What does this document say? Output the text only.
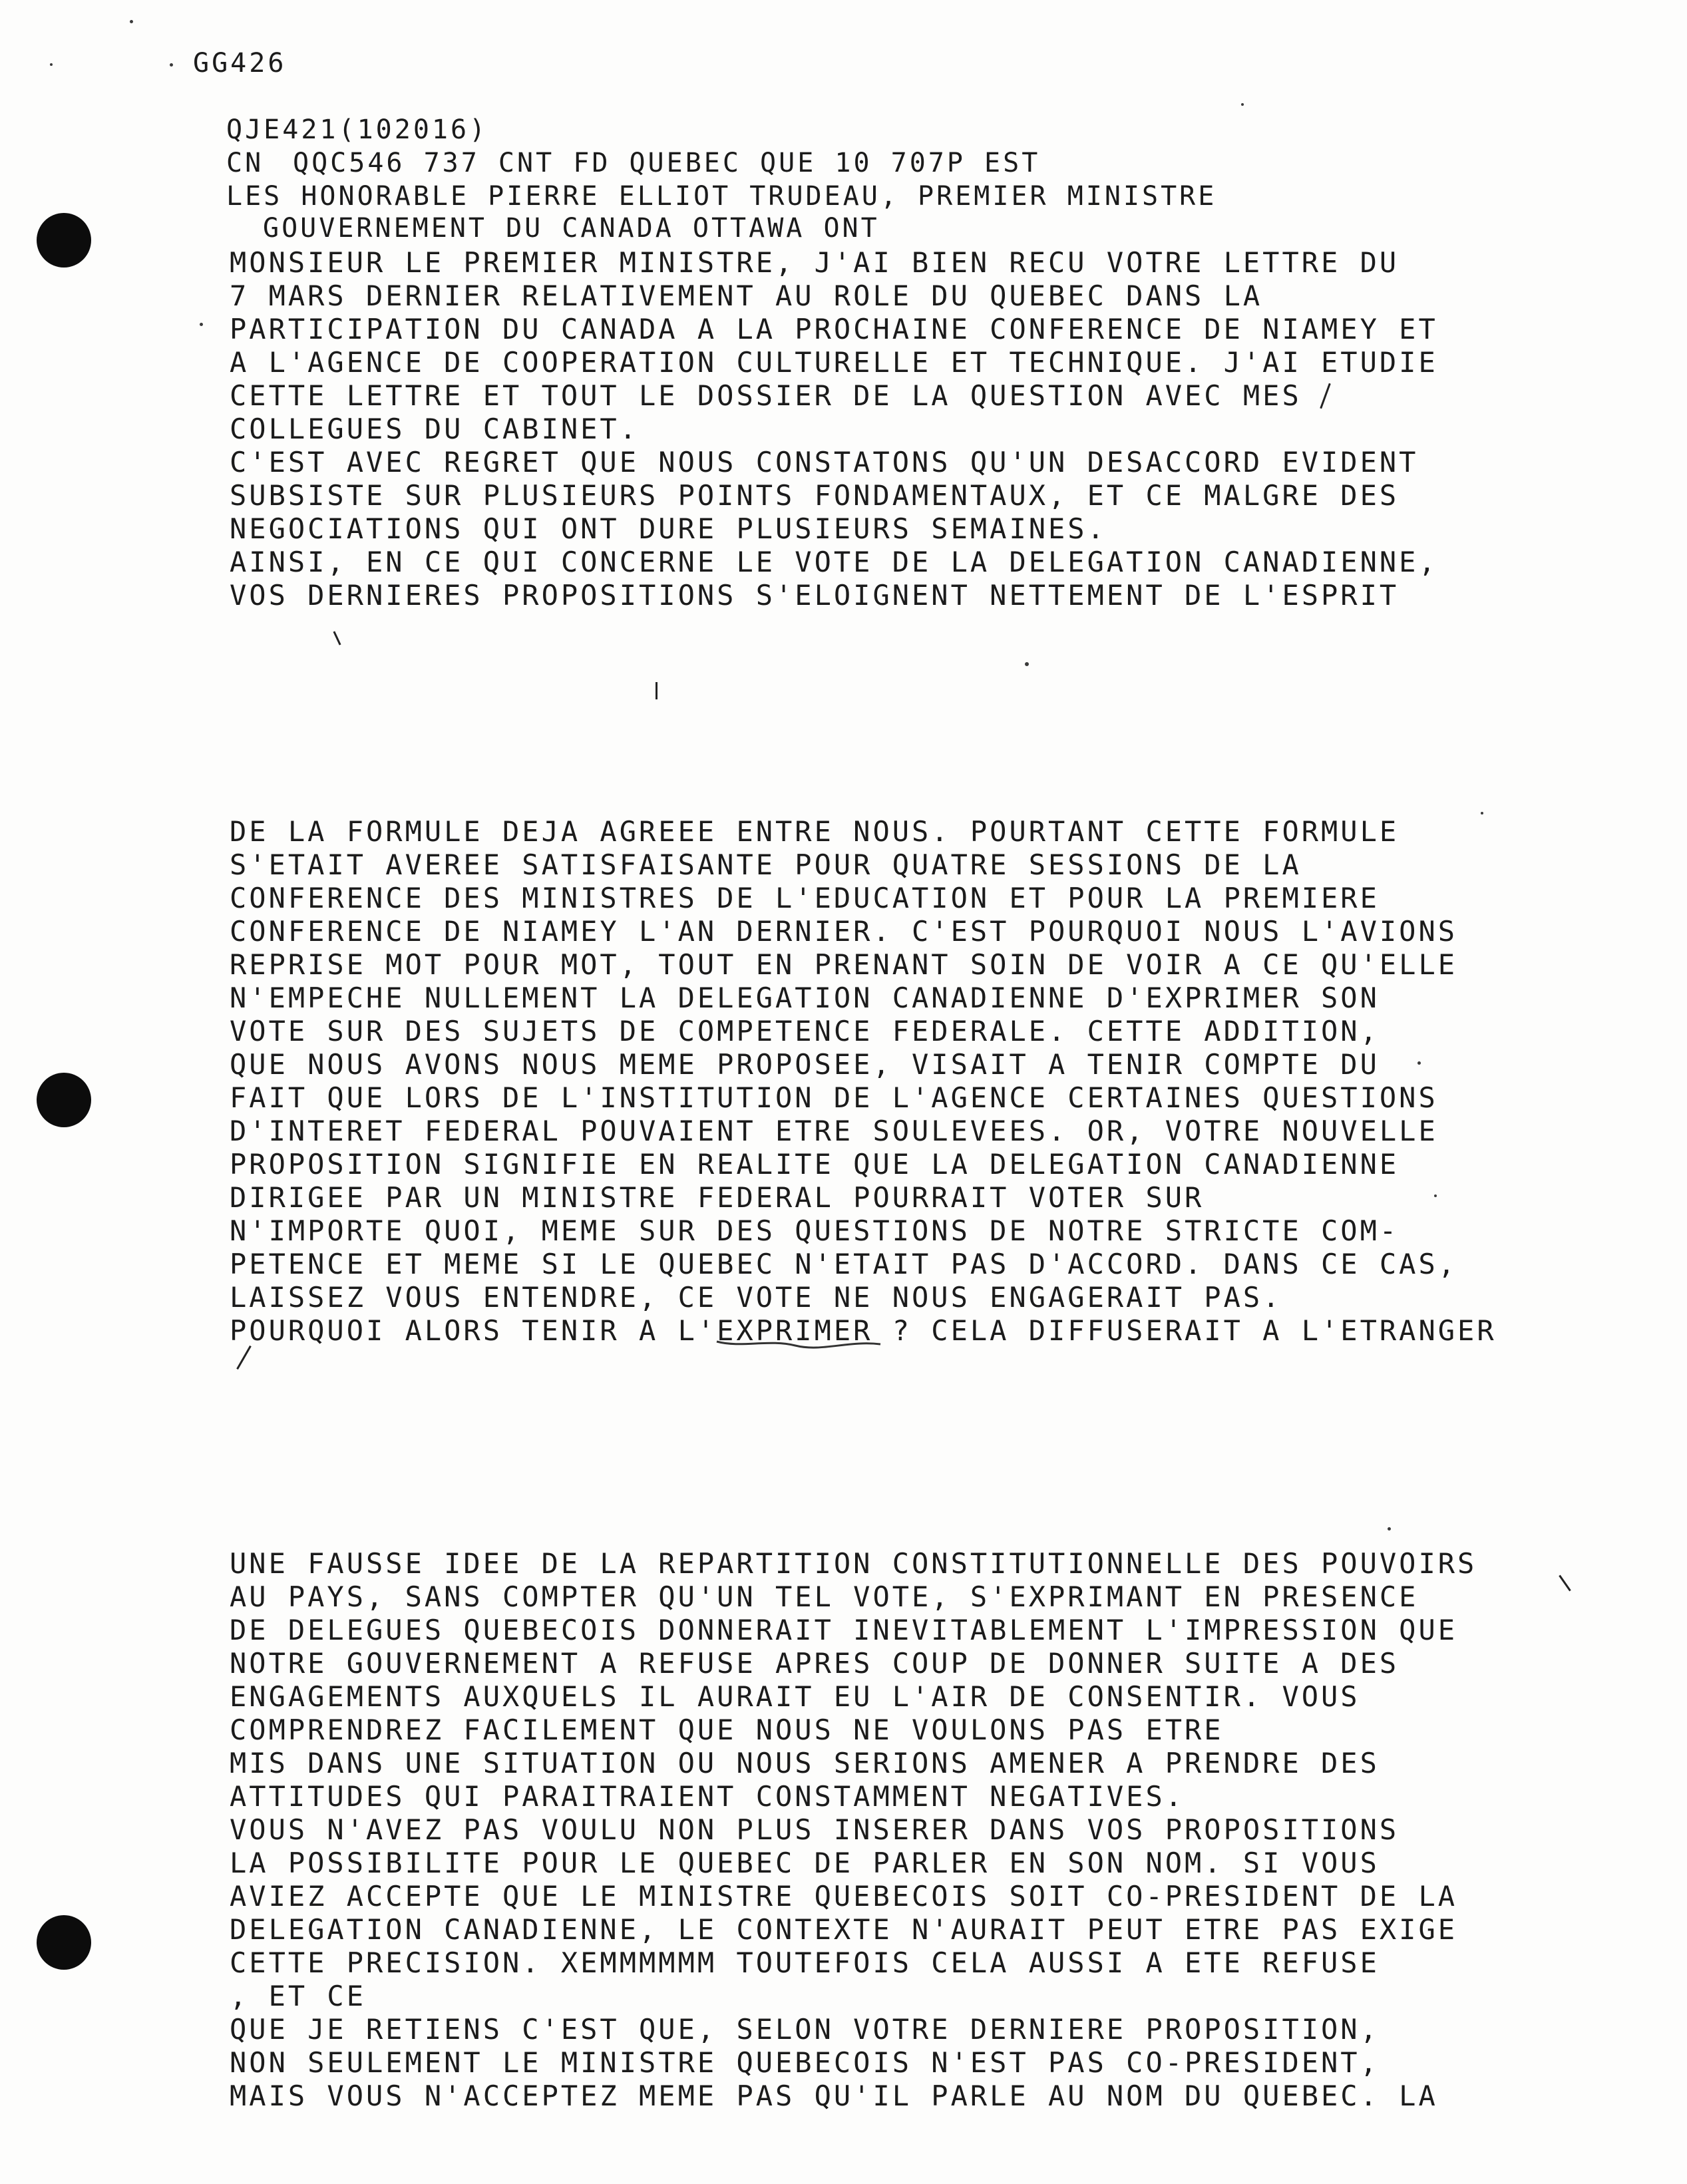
GG426
QJE421(102016)
CN QQC546 737 CNT FD QUEBEC QUE 10 707P EST
LES HONORABLE PIERRE ELLIOT TRUDEAU, PREMIER MINISTRE
GOUVERNEMENT DU CANADA OTTAWA ONT
MONSIEUR LE PREMIER MINISTRE, J'AI BIEN RECU VOTRE LETTRE DU
7 MARS DERNIER RELATIVEMENT AU ROLE DU QUEBEC DANS LA
PARTICIPATION DU CANADA A LA PROCHAINE CONFERENCE DE NIAMEY ET
A L'AGENCE DE COOPERATION CULTURELLE ET TECHNIQUE. J'AI ETUDIE
CETTE LETTRE ET TOUT LE DOSSIER DE LA QUESTION AVEC MES
COLLEGUES DU CABINET.
C'EST AVEC REGRET QUE NOUS CONSTATONS QU'UN DESACCORD EVIDENT
SUBSISTE SUR PLUSIEURS POINTS FONDAMENTAUX, ET CE MALGRE DES
NEGOCIATIONS QUI ONT DURE PLUSIEURS SEMAINES.
AINSI, EN CE QUI CONCERNE LE VOTE DE LA DELEGATION CANADIENNE,
VOS DERNIERES PROPOSITIONS S'ELOIGNENT NETTEMENT DE L'ESPRIT
DE LA FORMULE DEJA AGREEE ENTRE NOUS. POURTANT CETTE FORMULE
S'ETAIT AVEREE SATISFAISANTE POUR QUATRE SESSIONS DE LA
CONFERENCE DES MINISTRES DE L'EDUCATION ET POUR LA PREMIERE
CONFERENCE DE NIAMEY L'AN DERNIER. C'EST POURQUOI NOUS L'AVIONS
REPRISE MOT POUR MOT, TOUT EN PRENANT SOIN DE VOIR A CE QU'ELLE
N'EMPECHE NULLEMENT LA DELEGATION CANADIENNE D'EXPRIMER SON
VOTE SUR DES SUJETS DE COMPETENCE FEDERALE. CETTE ADDITION,
QUE NOUS AVONS NOUS MEME PROPOSEE, VISAIT A TENIR COMPTE DU
FAIT QUE LORS DE L'INSTITUTION DE L'AGENCE CERTAINES QUESTIONS
D'INTERET FEDERAL POUVAIENT ETRE SOULEVEES. OR, VOTRE NOUVELLE
PROPOSITION SIGNIFIE EN REALITE QUE LA DELEGATION CANADIENNE
DIRIGEE PAR UN MINISTRE FEDERAL POURRAIT VOTER SUR
N'IMPORTE QUOI, MEME SUR DES QUESTIONS DE NOTRE STRICTE COM-
PETENCE ET MEME SI LE QUEBEC N'ETAIT PAS D'ACCORD. DANS CE CAS,
LAISSEZ VOUS ENTENDRE, CE VOTE NE NOUS ENGAGERAIT PAS.
POURQUOI ALORS TENIR A L'EXPRIMER ? CELA DIFFUSERAIT A L'ETRANGER
UNE FAUSSE IDEE DE LA REPARTITION CONSTITUTIONNELLE DES POUVOIRS
AU PAYS, SANS COMPTER QU'UN TEL VOTE, S'EXPRIMANT EN PRESENCE
DE DELEGUES QUEBECOIS DONNERAIT INEVITABLEMENT L'IMPRESSION QUE
NOTRE GOUVERNEMENT A REFUSE APRES COUP DE DONNER SUITE A DES
ENGAGEMENTS AUXQUELS IL AURAIT EU L'AIR DE CONSENTIR. VOUS
COMPRENDREZ FACILEMENT QUE NOUS NE VOULONS PAS ETRE
MIS DANS UNE SITUATION OU NOUS SERIONS AMENER A PRENDRE DES
ATTITUDES QUI PARAITRAIENT CONSTAMMENT NEGATIVES.
VOUS N'AVEZ PAS VOULU NON PLUS INSERER DANS VOS PROPOSITIONS
LA POSSIBILITE POUR LE QUEBEC DE PARLER EN SON NOM. SI VOUS
AVIEZ ACCEPTE QUE LE MINISTRE QUEBECOIS SOIT CO-PRESIDENT DE LA
DELEGATION CANADIENNE, LE CONTEXTE N'AURAIT PEUT ETRE PAS EXIGE
CETTE PRECISION. XEMMMMMM TOUTEFOIS CELA AUSSI A ETE REFUSE
, ET CE
QUE JE RETIENS C'EST QUE, SELON VOTRE DERNIERE PROPOSITION,
NON SEULEMENT LE MINISTRE QUEBECOIS N'EST PAS CO-PRESIDENT,
MAIS VOUS N'ACCEPTEZ MEME PAS QU'IL PARLE AU NOM DU QUEBEC. LA
